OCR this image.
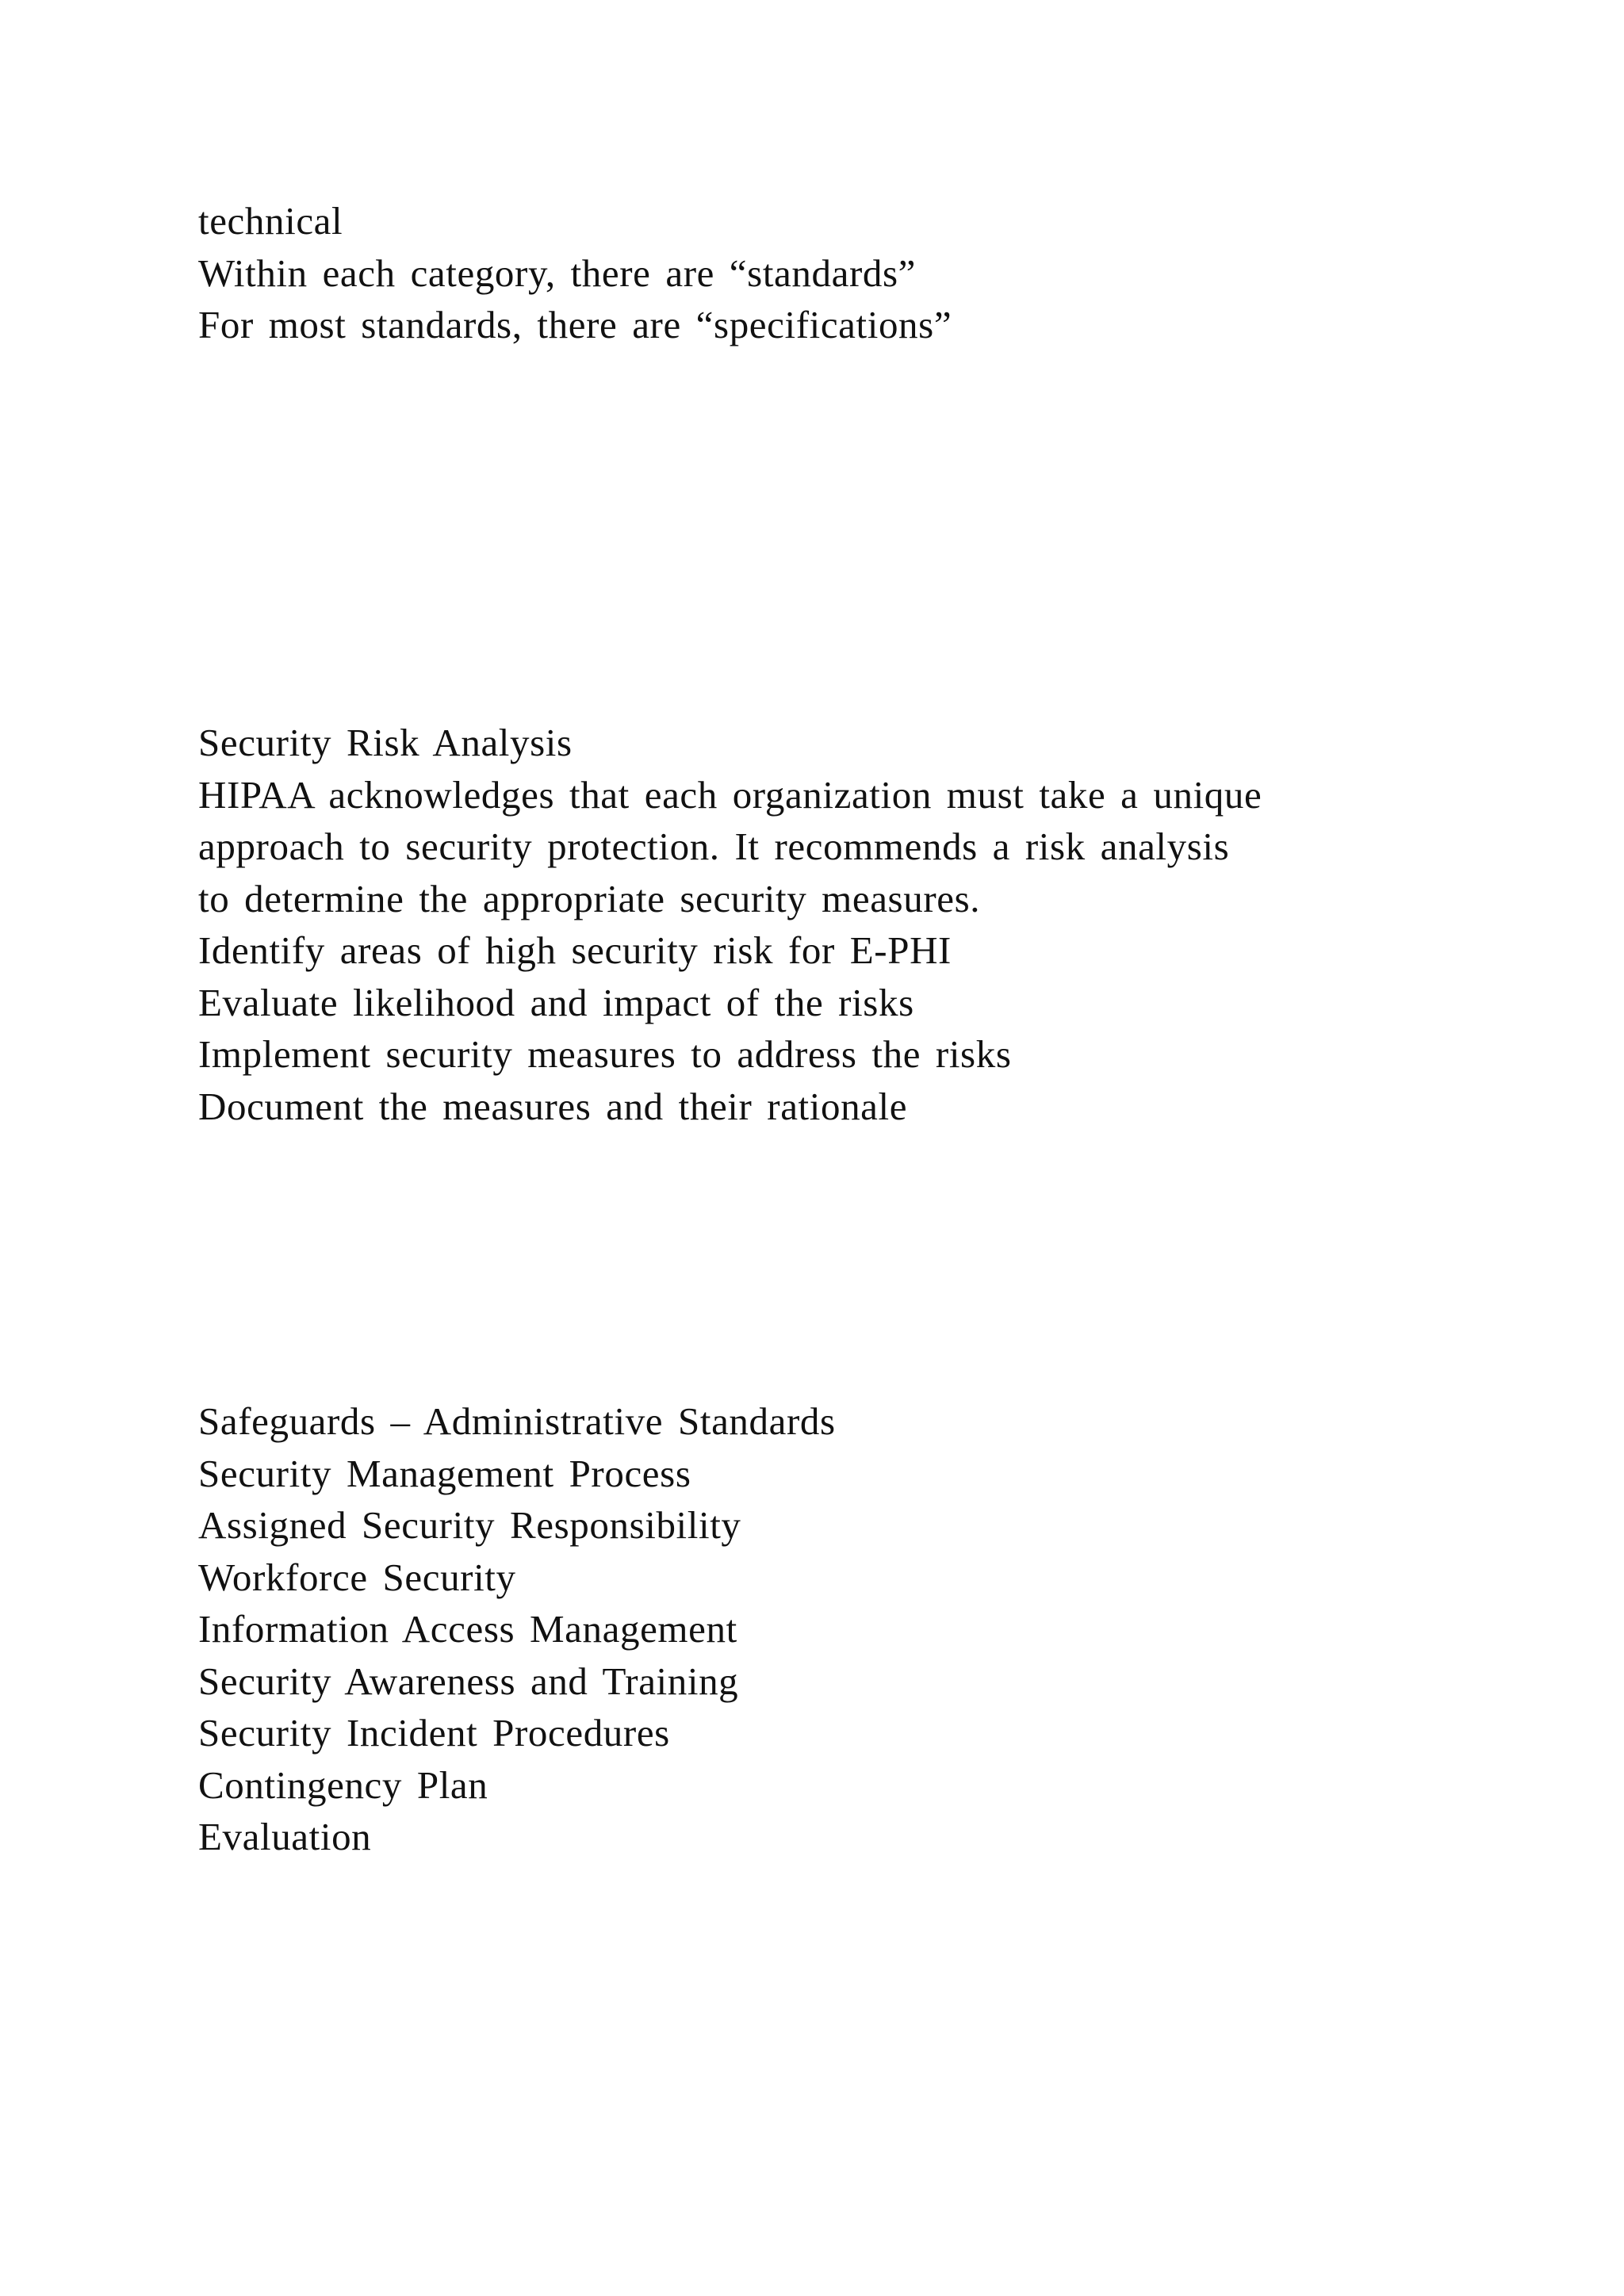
technical
Within each category, there are “standards”
For most standards, there are “specifications”
Security Risk Analysis
HIPAA acknowledges that each organization must take a unique
approach to security protection. It recommends a risk analysis
to determine the appropriate security measures.
Identify areas of high security risk for E-PHI
Evaluate likelihood and impact of the risks
Implement security measures to address the risks
Document the measures and their rationale
Safeguards – Administrative Standards
Security Management Process
Assigned Security Responsibility
Workforce Security
Information Access Management
Security Awareness and Training
Security Incident Procedures
Contingency Plan
Evaluation
